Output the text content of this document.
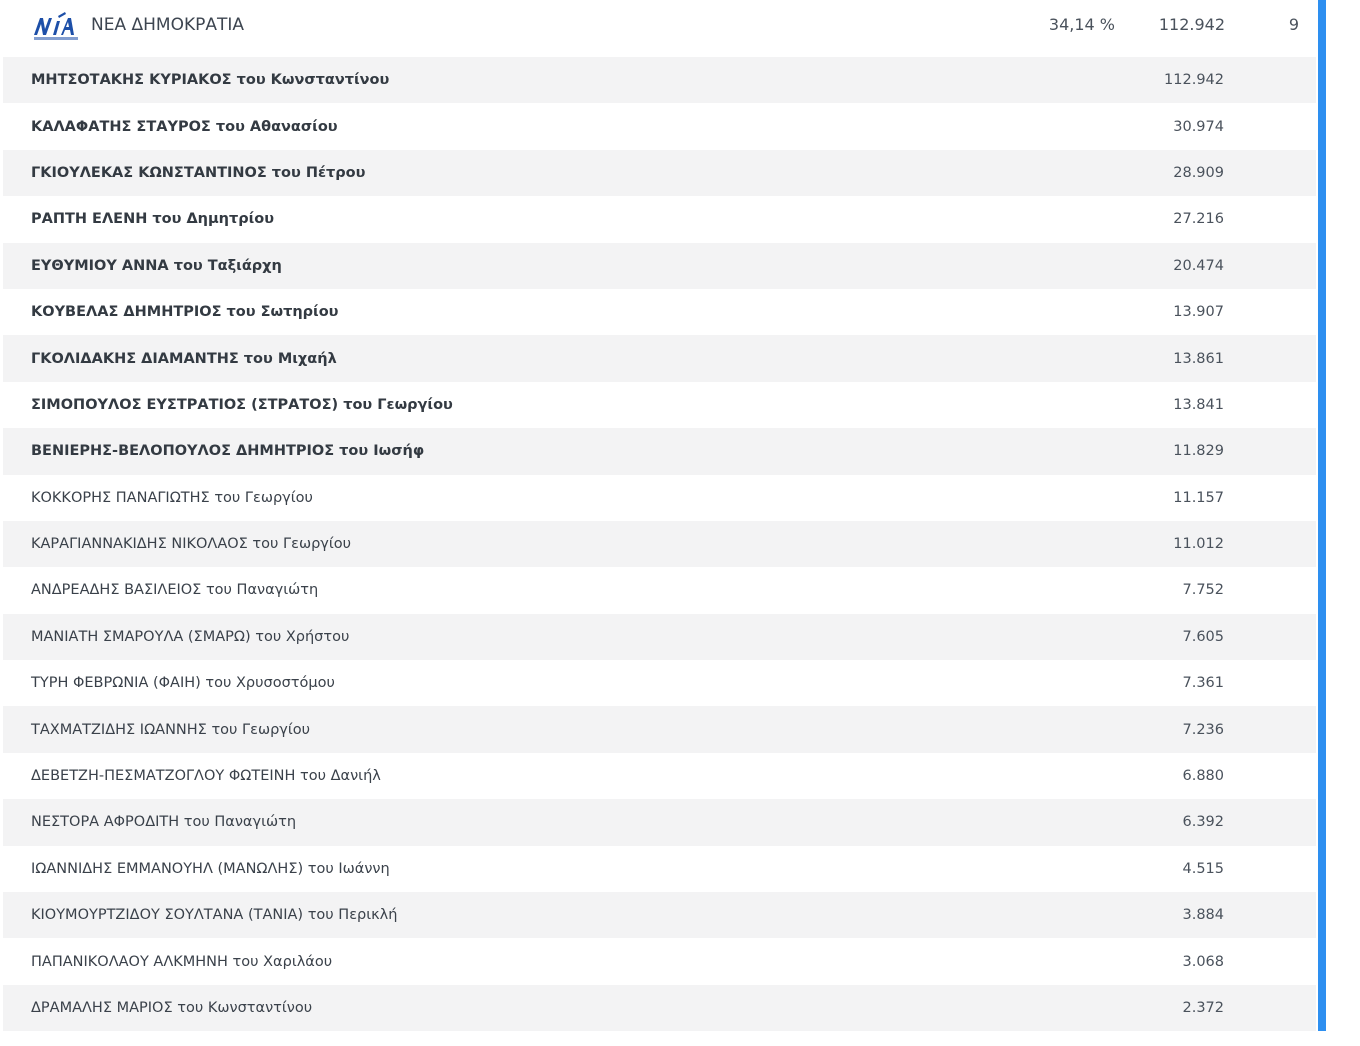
ΝΕΑ ΔΗΜΟΚΡΑΤΙΑ	34,14 %	112.942	9
ΜΗΤΣΟΤΑΚΗΣ ΚΥΡΙΑΚΟΣ του Κωνσταντίνου	112.942
ΚΑΛΑΦΑΤΗΣ ΣΤΑΥΡΟΣ του Αθανασίου	30.974
ΓΚΙΟΥΛΕΚΑΣ ΚΩΝΣΤΑΝΤΙΝΟΣ του Πέτρου	28.909
ΡΑΠΤΗ ΕΛΕΝΗ του Δημητρίου	27.216
ΕΥΘΥΜΙΟΥ ΑΝΝΑ του Ταξιάρχη	20.474
ΚΟΥΒΕΛΑΣ ΔΗΜΗΤΡΙΟΣ του Σωτηρίου	13.907
ΓΚΟΛΙΔΑΚΗΣ ΔΙΑΜΑΝΤΗΣ του Μιχαήλ	13.861
ΣΙΜΟΠΟΥΛΟΣ ΕΥΣΤΡΑΤΙΟΣ (ΣΤΡΑΤΟΣ) του Γεωργίου	13.841
ΒΕΝΙΕΡΗΣ-ΒΕΛΟΠΟΥΛΟΣ ΔΗΜΗΤΡΙΟΣ του Ιωσήφ	11.829
ΚΟΚΚΟΡΗΣ ΠΑΝΑΓΙΩΤΗΣ του Γεωργίου	11.157
ΚΑΡΑΓΙΑΝΝΑΚΙΔΗΣ ΝΙΚΟΛΑΟΣ του Γεωργίου	11.012
ΑΝΔΡΕΑΔΗΣ ΒΑΣΙΛΕΙΟΣ του Παναγιώτη	7.752
ΜΑΝΙΑΤΗ ΣΜΑΡΟΥΛΑ (ΣΜΑΡΩ) του Χρήστου	7.605
ΤΥΡΗ ΦΕΒΡΩΝΙΑ (ΦΑΙΗ) του Χρυσοστόμου	7.361
ΤΑΧΜΑΤΖΙΔΗΣ ΙΩΑΝΝΗΣ του Γεωργίου	7.236
ΔΕΒΕΤΖΗ-ΠΕΣΜΑΤΖΟΓΛΟΥ ΦΩΤΕΙΝΗ του Δανιήλ	6.880
ΝΕΣΤΟΡΑ ΑΦΡΟΔΙΤΗ του Παναγιώτη	6.392
ΙΩΑΝΝΙΔΗΣ ΕΜΜΑΝΟΥΗΛ (ΜΑΝΩΛΗΣ) του Ιωάννη	4.515
ΚΙΟΥΜΟΥΡΤΖΙΔΟΥ ΣΟΥΛΤΑΝΑ (ΤΑΝΙΑ) του Περικλή	3.884
ΠΑΠΑΝΙΚΟΛΑΟΥ ΑΛΚΜΗΝΗ του Χαριλάου	3.068
ΔΡΑΜΑΛΗΣ ΜΑΡΙΟΣ του Κωνσταντίνου	2.372
